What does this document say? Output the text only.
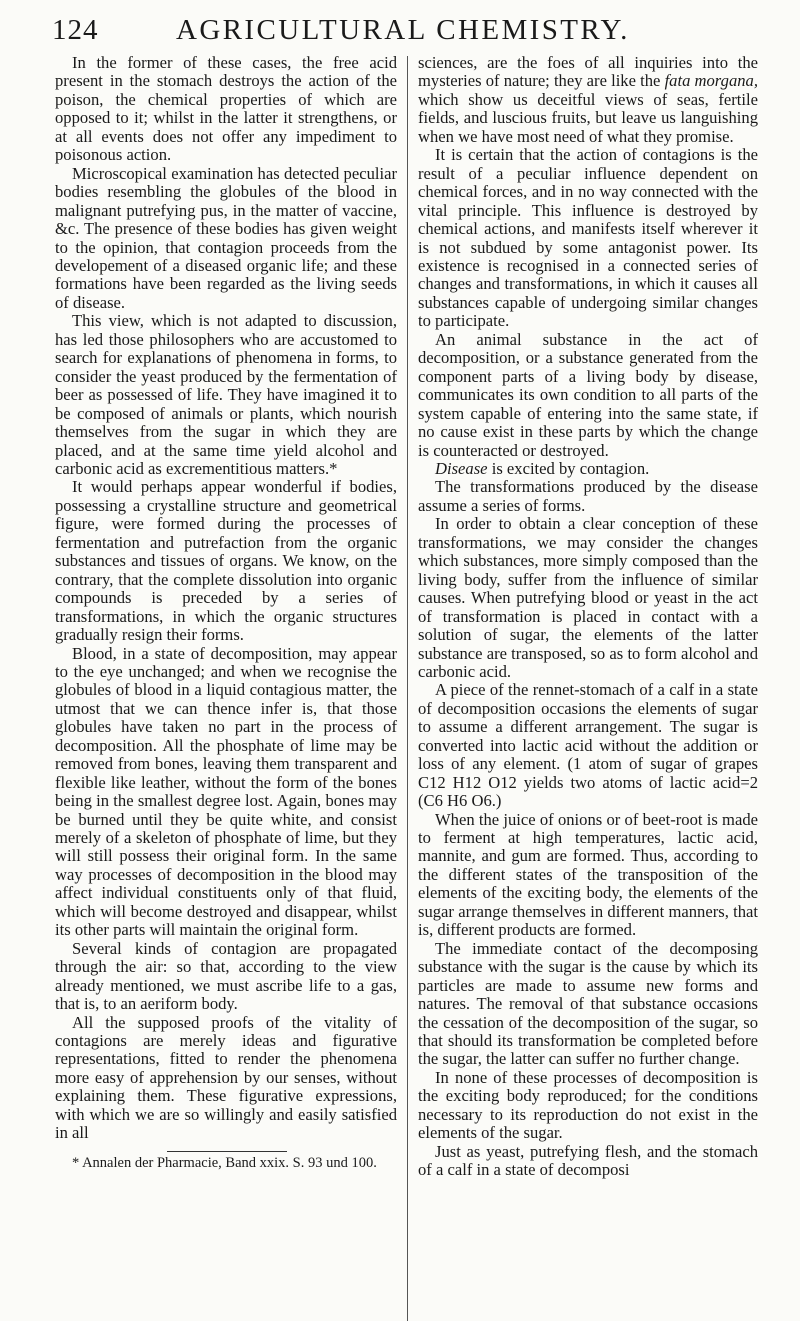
124	AGRICULTURAL CHEMISTRY.

In the former of these cases, the free acid present in the stomach destroys the action of the poison, the chemical properties of which are opposed to it; whilst in the latter it strengthens, or at all events does not offer any impediment to poisonous action.

Microscopical examination has detected peculiar bodies resembling the globules of the blood in malignant putrefying pus, in the matter of vaccine, &c. The presence of these bodies has given weight to the opinion, that contagion proceeds from the developement of a diseased organic life; and these formations have been regarded as the living seeds of disease.

This view, which is not adapted to discussion, has led those philosophers who are accustomed to search for explanations of phenomena in forms, to consider the yeast produced by the fermentation of beer as possessed of life. They have imagined it to be composed of animals or plants, which nourish themselves from the sugar in which they are placed, and at the same time yield alcohol and carbonic acid as excrementitious matters.*

It would perhaps appear wonderful if bodies, possessing a crystalline structure and geometrical figure, were formed during the processes of fermentation and putrefaction from the organic substances and tissues of organs. We know, on the contrary, that the complete dissolution into organic compounds is preceded by a series of transformations, in which the organic structures gradually resign their forms.

Blood, in a state of decomposition, may appear to the eye unchanged; and when we recognise the globules of blood in a liquid contagious matter, the utmost that we can thence infer is, that those globules have taken no part in the process of decomposition. All the phosphate of lime may be removed from bones, leaving them transparent and flexible like leather, without the form of the bones being in the smallest degree lost. Again, bones may be burned until they be quite white, and consist merely of a skeleton of phosphate of lime, but they will still possess their original form. In the same way processes of decomposition in the blood may affect individual constituents only of that fluid, which will become destroyed and disappear, whilst its other parts will maintain the original form.

Several kinds of contagion are propagated through the air: so that, according to the view already mentioned, we must ascribe life to a gas, that is, to an aeriform body.

All the supposed proofs of the vitality of contagions are merely ideas and figurative representations, fitted to render the phenomena more easy of apprehension by our senses, without explaining them. These figurative expressions, with which we are so willingly and easily satisfied in all

* Annalen der Pharmacie, Band xxix. S. 93 und 100.

sciences, are the foes of all inquiries into the mysteries of nature; they are like the fata morgana, which show us deceitful views of seas, fertile fields, and luscious fruits, but leave us languishing when we have most need of what they promise.

It is certain that the action of contagions is the result of a peculiar influence dependent on chemical forces, and in no way connected with the vital principle. This influence is destroyed by chemical actions, and manifests itself wherever it is not subdued by some antagonist power. Its existence is recognised in a connected series of changes and transformations, in which it causes all substances capable of undergoing similar changes to participate.

An animal substance in the act of decomposition, or a substance generated from the component parts of a living body by disease, communicates its own condition to all parts of the system capable of entering into the same state, if no cause exist in these parts by which the change is counteracted or destroyed.

Disease is excited by contagion.

The transformations produced by the disease assume a series of forms.

In order to obtain a clear conception of these transformations, we may consider the changes which substances, more simply composed than the living body, suffer from the influence of similar causes. When putrefying blood or yeast in the act of transformation is placed in contact with a solution of sugar, the elements of the latter substance are transposed, so as to form alcohol and carbonic acid.

A piece of the rennet-stomach of a calf in a state of decomposition occasions the elements of sugar to assume a different arrangement. The sugar is converted into lactic acid without the addition or loss of any element. (1 atom of sugar of grapes C12 H12 O12 yields two atoms of lactic acid=2 (C6 H6 O6.)

When the juice of onions or of beet-root is made to ferment at high temperatures, lactic acid, mannite, and gum are formed. Thus, according to the different states of the transposition of the elements of the exciting body, the elements of the sugar arrange themselves in different manners, that is, different products are formed.

The immediate contact of the decomposing substance with the sugar is the cause by which its particles are made to assume new forms and natures. The removal of that substance occasions the cessation of the decomposition of the sugar, so that should its transformation be completed before the sugar, the latter can suffer no further change.

In none of these processes of decomposition is the exciting body reproduced; for the conditions necessary to its reproduction do not exist in the elements of the sugar.

Just as yeast, putrefying flesh, and the stomach of a calf in a state of decomposi
